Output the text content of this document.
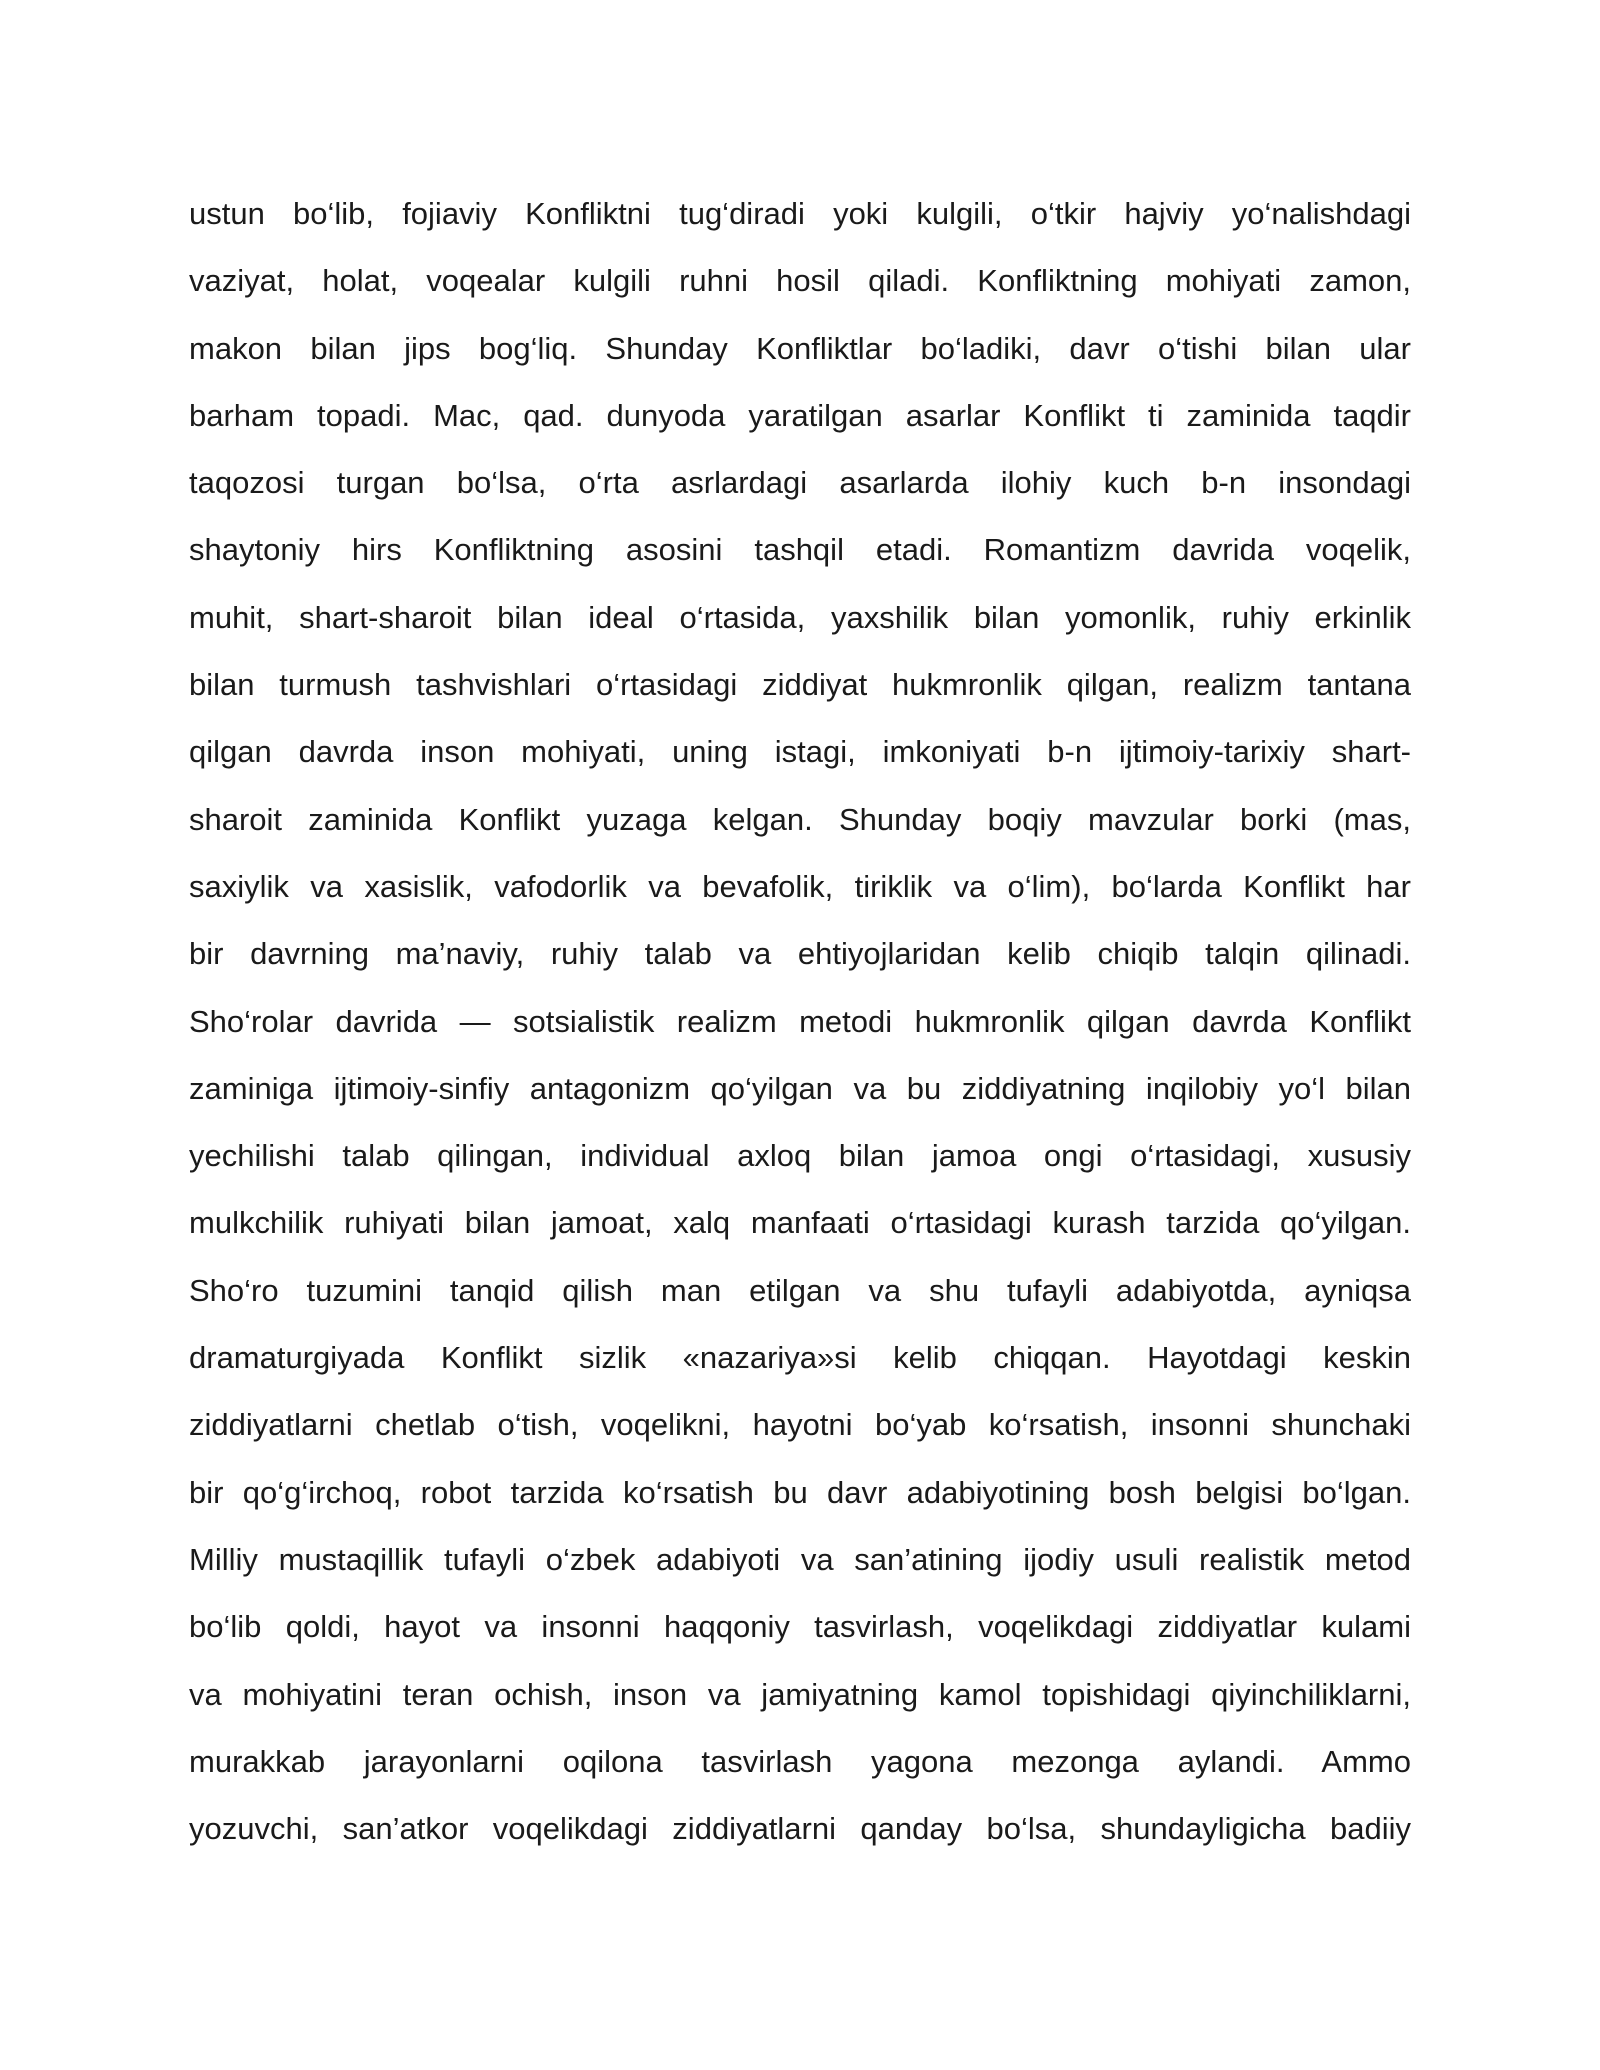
ustun bo‘lib, fojiaviy Konfliktni tug‘diradi yoki kulgili, o‘tkir hajviy yo‘nalishdagi
vaziyat, holat, voqealar kulgili ruhni hosil qiladi. Konfliktning mohiyati zamon,
makon bilan jips bog‘liq. Shunday Konfliktlar bo‘ladiki, davr o‘tishi bilan ular
barham topadi. Mac, qad. dunyoda yaratilgan asarlar Konflikt ti zaminida taqdir
taqozosi turgan bo‘lsa, o‘rta asrlardagi asarlarda ilohiy kuch b-n insondagi
shaytoniy hirs Konfliktning asosini tashqil etadi. Romantizm davrida voqelik,
muhit, shart-sharoit bilan ideal o‘rtasida, yaxshilik bilan yomonlik, ruhiy erkinlik
bilan turmush tashvishlari o‘rtasidagi ziddiyat hukmronlik qilgan, realizm tantana
qilgan davrda inson mohiyati, uning istagi, imkoniyati b-n ijtimoiy-tarixiy shart-
sharoit zaminida Konflikt yuzaga kelgan. Shunday boqiy mavzular borki (mas,
saxiylik va xasislik, vafodorlik va bevafolik, tiriklik va o‘lim), bo‘larda Konflikt har
bir davrning ma’naviy, ruhiy talab va ehtiyojlaridan kelib chiqib talqin qilinadi.
Sho‘rolar davrida — sotsialistik realizm metodi hukmronlik qilgan davrda Konflikt
zaminiga ijtimoiy-sinfiy antagonizm qo‘yilgan va bu ziddiyatning inqilobiy yo‘l bilan
yechilishi talab qilingan, individual axloq bilan jamoa ongi o‘rtasidagi, xususiy
mulkchilik ruhiyati bilan jamoat, xalq manfaati o‘rtasidagi kurash tarzida qo‘yilgan.
Sho‘ro tuzumini tanqid qilish man etilgan va shu tufayli adabiyotda, ayniqsa
dramaturgiyada Konflikt sizlik «nazariya»si kelib chiqqan. Hayotdagi keskin
ziddiyatlarni chetlab o‘tish, voqelikni, hayotni bo‘yab ko‘rsatish, insonni shunchaki
bir qo‘g‘irchoq, robot tarzida ko‘rsatish bu davr adabiyotining bosh belgisi bo‘lgan.
Milliy mustaqillik tufayli o‘zbek adabiyoti va san’atining ijodiy usuli realistik metod
bo‘lib qoldi, hayot va insonni haqqoniy tasvirlash, voqelikdagi ziddiyatlar kulami
va mohiyatini teran ochish, inson va jamiyatning kamol topishidagi qiyinchiliklarni,
murakkab jarayonlarni oqilona tasvirlash yagona mezonga aylandi. Ammo
yozuvchi, san’atkor voqelikdagi ziddiyatlarni qanday bo‘lsa, shundayligicha badiiy
